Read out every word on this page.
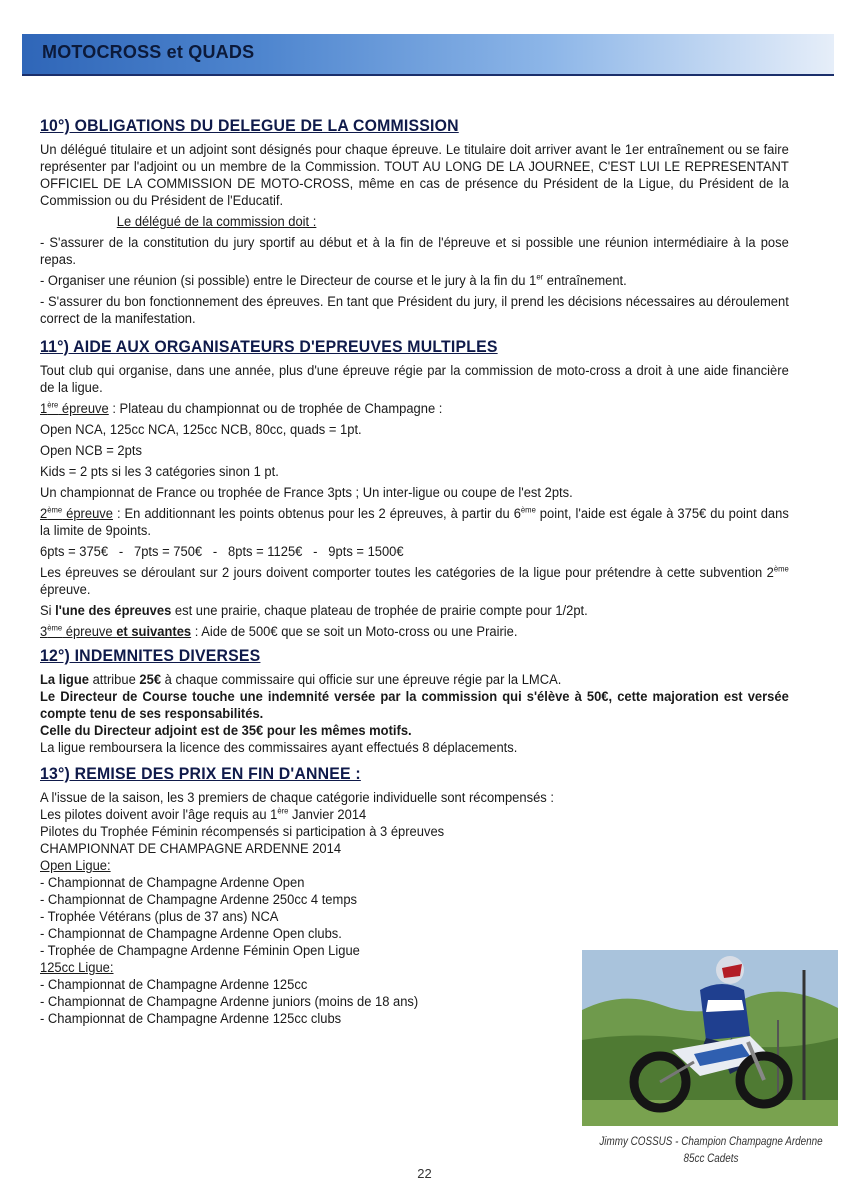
MOTOCROSS et QUADS
10°) OBLIGATIONS DU DELEGUE DE LA COMMISSION

Un délégué titulaire et un adjoint sont désignés pour chaque épreuve. Le titulaire doit arriver avant le 1er entraînement ou se faire représenter par l'adjoint ou un membre de la Commission. TOUT AU LONG DE LA JOURNEE, C'EST LUI LE REPRESENTANT OFFICIEL DE LA COMMISSION DE MOTO-CROSS, même en cas de présence du Président de la Ligue, du Président de la Commission ou du Président de l'Educatif.

Le délégué de la commission doit :

- S'assurer de la constitution du jury sportif au début et à la fin de l'épreuve et si possible une réunion intermédiaire à la pose repas.

- Organiser une réunion (si possible) entre le Directeur de course et le jury à la fin du 1er entraînement.

- S'assurer du bon fonctionnement des épreuves. En tant que Président du jury, il prend les décisions nécessaires au déroulement correct de la manifestation.

11°) AIDE AUX ORGANISATEURS D'EPREUVES MULTIPLES

Tout club qui organise, dans une année, plus d'une épreuve régie par la commission de moto-cross a droit à une aide financière de la ligue.

1ère épreuve : Plateau du championnat ou de trophée de Champagne :

Open NCA, 125cc NCA, 125cc NCB, 80cc, quads = 1pt.

Open NCB = 2pts

Kids = 2 pts si les 3 catégories sinon 1 pt.

Un championnat de France ou trophée de France 3pts ; Un inter-ligue ou coupe de l'est 2pts.

2ème épreuve : En additionnant les points obtenus pour les 2 épreuves, à partir du 6ème point, l'aide est égale à 375€ du point dans la limite de 9points.

6pts = 375€   -   7pts = 750€   -   8pts = 1125€   -   9pts = 1500€

Les épreuves se déroulant sur 2 jours doivent comporter toutes les catégories de la ligue pour prétendre à cette subvention 2ème épreuve.

Si l'une des épreuves est une prairie, chaque plateau de trophée de prairie compte pour 1/2pt.

3ème épreuve et suivantes : Aide de 500€ que se soit un Moto-cross ou une Prairie.

12°) INDEMNITES DIVERSES

La ligue attribue 25€ à chaque commissaire qui officie sur une épreuve régie par la LMCA.

Le Directeur de Course touche une indemnité versée par la commission qui s'élève à 50€, cette majoration est versée compte tenu de ses responsabilités.

Celle du Directeur adjoint est de 35€ pour les mêmes motifs.

La ligue remboursera la licence des commissaires ayant effectués 8 déplacements.

13°) REMISE DES PRIX EN FIN D'ANNEE :

A l'issue de la saison, les 3 premiers de chaque catégorie individuelle sont récompensés :

Les pilotes doivent avoir l'âge requis au 1ère Janvier 2014

Pilotes du Trophée Féminin récompensés si participation à 3 épreuves

CHAMPIONNAT DE CHAMPAGNE ARDENNE 2014

Open Ligue:

- Championnat de Champagne Ardenne Open

- Championnat de Champagne Ardenne 250cc 4 temps

- Trophée Vétérans (plus de 37 ans) NCA

- Championnat de Champagne Ardenne Open clubs.

- Trophée de Champagne Ardenne Féminin Open Ligue

125cc Ligue:

- Championnat de Champagne Ardenne 125cc

- Championnat de Champagne Ardenne juniors (moins de 18 ans)

- Championnat de Champagne Ardenne 125cc clubs

Jimmy COSSUS - Champion Champagne Ardenne
85cc Cadets
22
